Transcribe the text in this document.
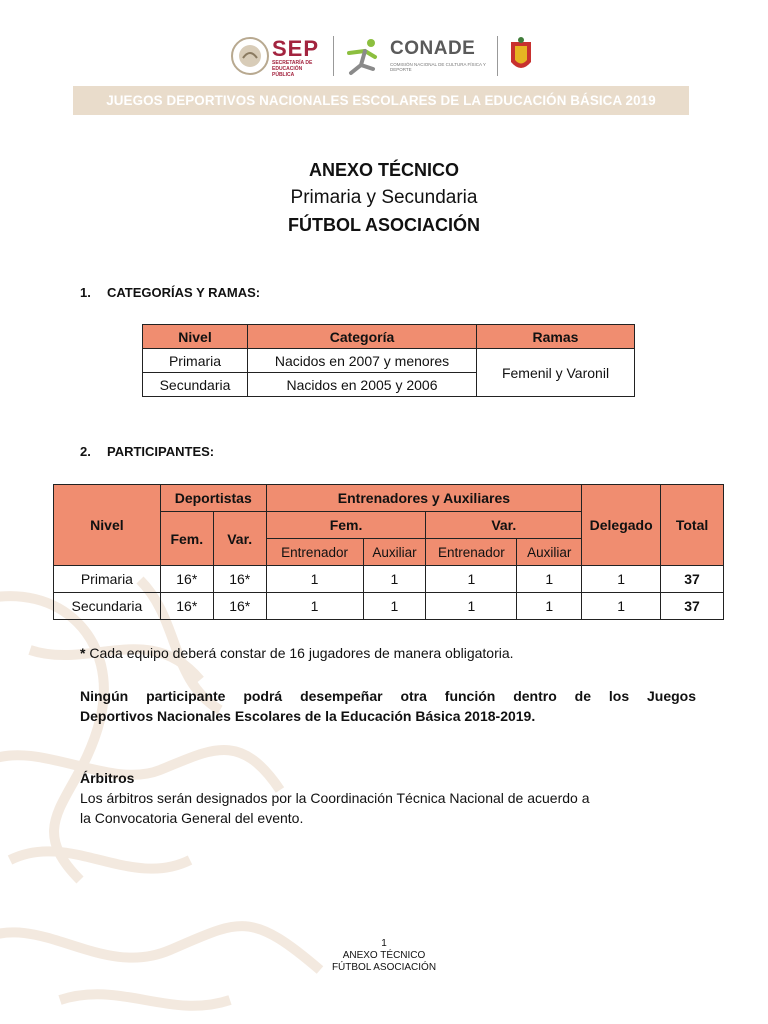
SEP
SECRETARÍA DE EDUCACIÓN PÚBLICA
CONADE
COMISIÓN NACIONAL DE CULTURA FÍSICA Y DEPORTE
JUEGOS DEPORTIVOS NACIONALES ESCOLARES DE LA EDUCACIÓN BÁSICA 2019
ANEXO TÉCNICO
Primaria y Secundaria
FÚTBOL ASOCIACIÓN
1. CATEGORÍAS Y RAMAS:
Nivel	Categoría	Ramas
Primaria	Nacidos en 2007 y menores	Femenil y Varonil
Secundaria	Nacidos en 2005 y 2006	
2. PARTICIPANTES:
Nivel	Deportistas		Entrenadores y Auxiliares				Delegado	Total
	Fem.	Var.	Fem.		Var.			
			Entrenador	Auxiliar	Entrenador	Auxiliar		
Primaria	16*	16*	1	1	1	1	1	37
Secundaria	16*	16*	1	1	1	1	1	37
* Cada equipo deberá constar de 16 jugadores de manera obligatoria.
Ningún participante podrá desempeñar otra función dentro de los Juegos
Deportivos Nacionales Escolares de la Educación Básica 2018-2019.
Árbitros
Los árbitros serán designados por la Coordinación Técnica Nacional de acuerdo a
la Convocatoria General del evento.
1
ANEXO TÉCNICO
FÚTBOL ASOCIACIÓN
